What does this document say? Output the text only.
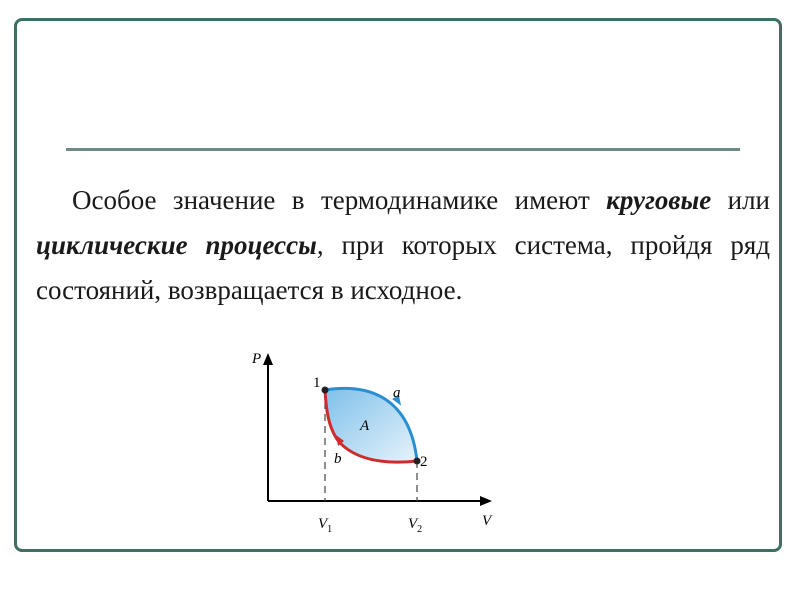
Особое значение в термодинамике имеют круговые или циклические процессы, при которых система, пройдя ряд состояний, возвращается в исходное.

P
V
1
2
a
b
A
$V_1$	$V_2$
